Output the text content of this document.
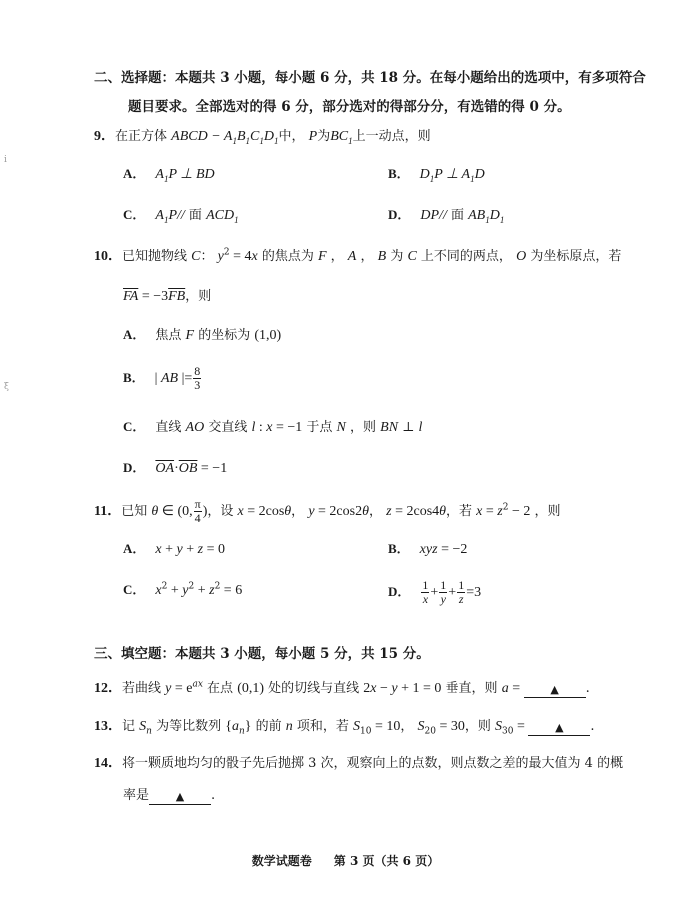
ⅰ
ξ
二、选择题：本题共 3 小题，每小题 6 分，共 18 分。在每小题给出的选项中，有多项符合
题目要求。全部选对的得 6 分，部分选对的得部分分，有选错的得 0 分。
9．在正方体 ABCD − $A_1B_1C_1D_1$中， P为$BC_1$上一动点，则
A． $A_1P$ ⊥ BD	B． $D_1P$ ⊥ $A_1D$
C． $A_1P//$ 面 $ACD_1$	D． DP// 面 $AB_1D_1$
10．已知抛物线 C： $y^2 = 4x$ 的焦点为 F ， A ， B 为 C 上不同的两点， O 为坐标原点，若
$\overline{FA} = -3\overline{FB}$，则
A． 焦点 F 的坐标为 (1,0)
B． | AB |= $\frac{8}{3}$
C． 直线 AO 交直线 l : x = −1 于点 N ，则 BN ⊥ l
D． $\overline{OA}\cdot\overline{OB} = -1$
11．已知 θ ∈ (0, $\frac{\pi}{4}$ )，设 x = 2cosθ， y = 2cos2θ， z = 2cos4θ，若 $x = z^2 - 2$ ，则
A． x + y + z = 0	B． xyz = −2
C． $x^2 + y^2 + z^2 = 6$	D． $\frac{1}{x} + \frac{1}{y} + \frac{1}{z} =3$
三、填空题：本题共 3 小题，每小题 5 分，共 15 分。
12．若曲线 $y = e^{ax}$ 在点 (0,1) 处的切线与直线 2x − y + 1 = 0 垂直，则 a = ▲ .
13．记 $S_n$ 为等比数列 $\{a_n\}$ 的前 n 项和，若 $S_{10} = 10$， $S_{20} = 30$，则 $S_{30}$ = ▲ .
14．将一颗质地均匀的骰子先后抛掷 3 次，观察向上的点数，则点数之差的最大值为 4 的概
率是 ▲ .
数学试题卷 第 3 页（共 6 页）
